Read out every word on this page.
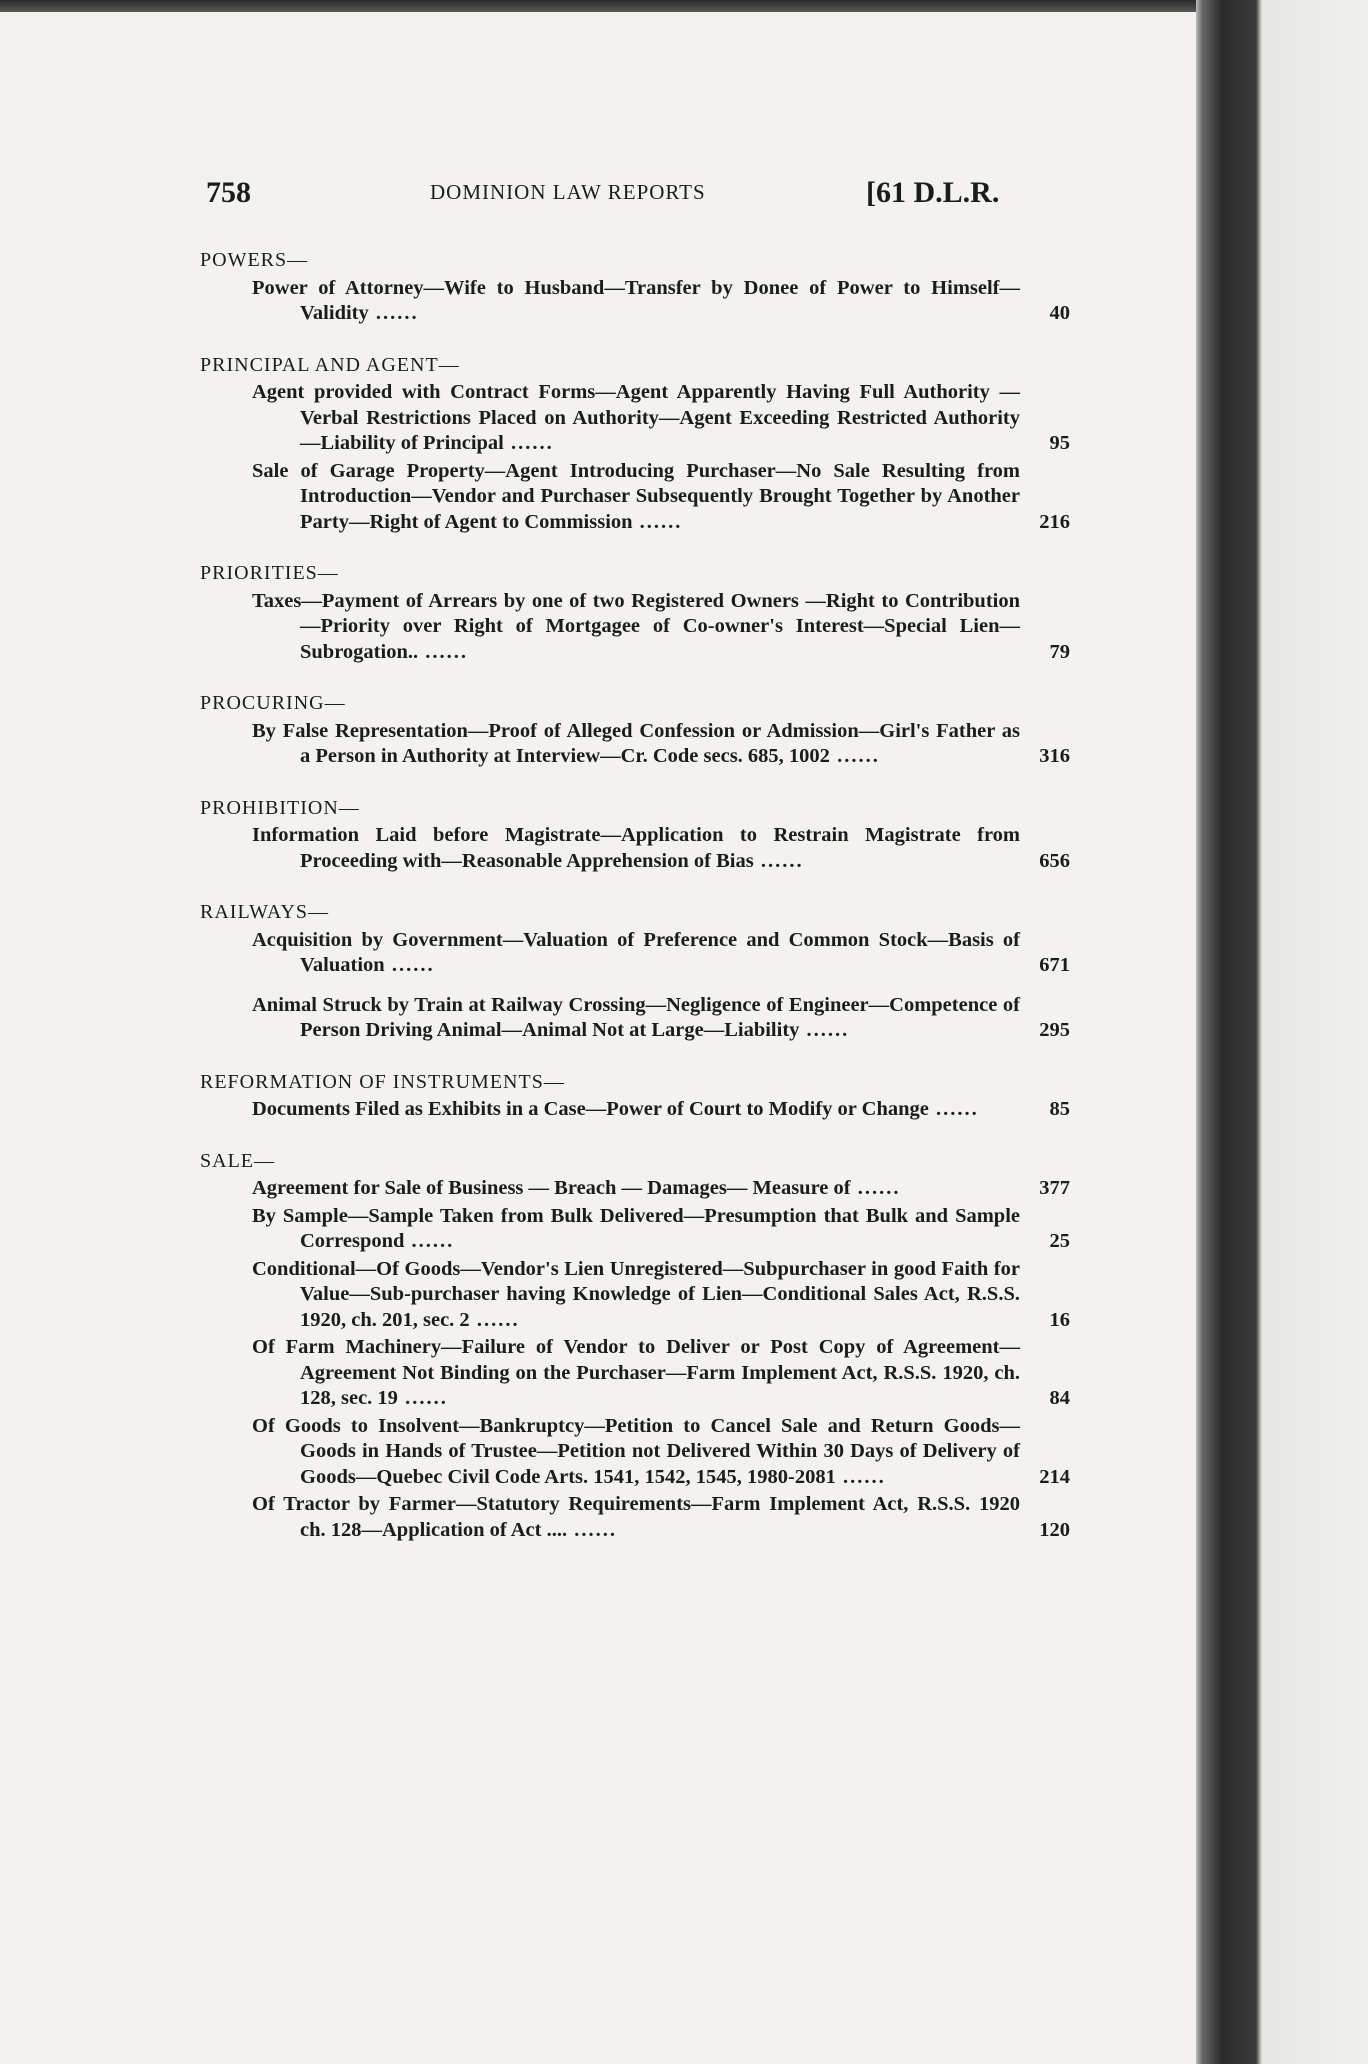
758	DOMINION LAW REPORTS	[61 D.L.R.
POWERS—
Power of Attorney—Wife to Husband—Transfer by Donee of Power to Himself—Validity ......	40
PRINCIPAL AND AGENT—
Agent provided with Contract Forms—Agent Apparently Having Full Authority — Verbal Restrictions Placed on Authority—Agent Exceeding Restricted Authority—Liability of Principal ......	95
Sale of Garage Property—Agent Introducing Purchaser—No Sale Resulting from Introduction—Vendor and Purchaser Subsequently Brought Together by Another Party—Right of Agent to Commission ......	216
PRIORITIES—
Taxes—Payment of Arrears by one of two Registered Owners —Right to Contribution—Priority over Right of Mortgagee of Co-owner's Interest—Special Lien—Subrogation.. ......	79
PROCURING—
By False Representation—Proof of Alleged Confession or Admission—Girl's Father as a Person in Authority at Interview—Cr. Code secs. 685, 1002 ......	316
PROHIBITION—
Information Laid before Magistrate—Application to Restrain Magistrate from Proceeding with—Reasonable Apprehension of Bias ......	656
RAILWAYS—
Acquisition by Government—Valuation of Preference and Common Stock—Basis of Valuation ......	671
Animal Struck by Train at Railway Crossing—Negligence of Engineer—Competence of Person Driving Animal—Animal Not at Large—Liability ......	295
REFORMATION OF INSTRUMENTS—
Documents Filed as Exhibits in a Case—Power of Court to Modify or Change ......	85
SALE—
Agreement for Sale of Business — Breach — Damages— Measure of ......	377
By Sample—Sample Taken from Bulk Delivered—Presumption that Bulk and Sample Correspond ......	25
Conditional—Of Goods—Vendor's Lien Unregistered—Subpurchaser in good Faith for Value—Sub-purchaser having Knowledge of Lien—Conditional Sales Act, R.S.S. 1920, ch. 201, sec. 2 ......	16
Of Farm Machinery—Failure of Vendor to Deliver or Post Copy of Agreement—Agreement Not Binding on the Purchaser—Farm Implement Act, R.S.S. 1920, ch. 128, sec. 19 ......	84
Of Goods to Insolvent—Bankruptcy—Petition to Cancel Sale and Return Goods—Goods in Hands of Trustee—Petition not Delivered Within 30 Days of Delivery of Goods—Quebec Civil Code Arts. 1541, 1542, 1545, 1980-2081 ......	214
Of Tractor by Farmer—Statutory Requirements—Farm Implement Act, R.S.S. 1920 ch. 128—Application of Act .... ......	120
